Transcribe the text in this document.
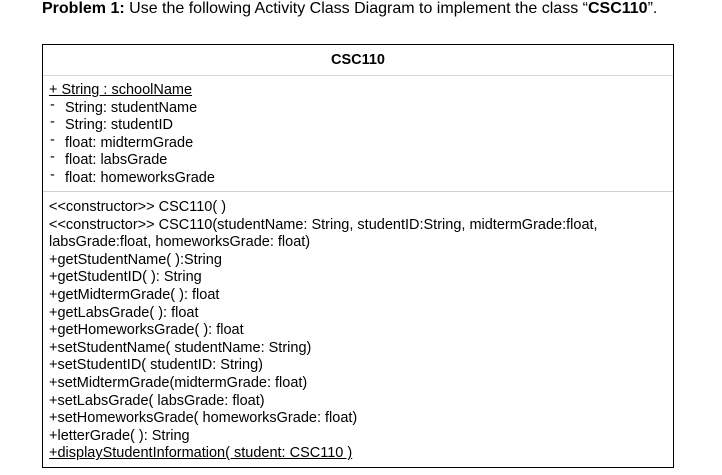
Problem 1: Use the following Activity Class Diagram to implement the class “CSC110”.
CSC110
+ String : schoolName
- String: studentName
- String: studentID
- float: midtermGrade
- float: labsGrade
- float: homeworksGrade
<<constructor>> CSC110( )
<<constructor>> CSC110(studentName: String, studentID:String, midtermGrade:float,
labsGrade:float, homeworksGrade: float)
+getStudentName( ):String
+getStudentID( ): String
+getMidtermGrade( ): float
+getLabsGrade( ): float
+getHomeworksGrade( ): float
+setStudentName( studentName: String)
+setStudentID( studentID: String)
+setMidtermGrade(midtermGrade: float)
+setLabsGrade( labsGrade: float)
+setHomeworksGrade( homeworksGrade: float)
+letterGrade( ): String
+displayStudentInformation( student: CSC110 )
